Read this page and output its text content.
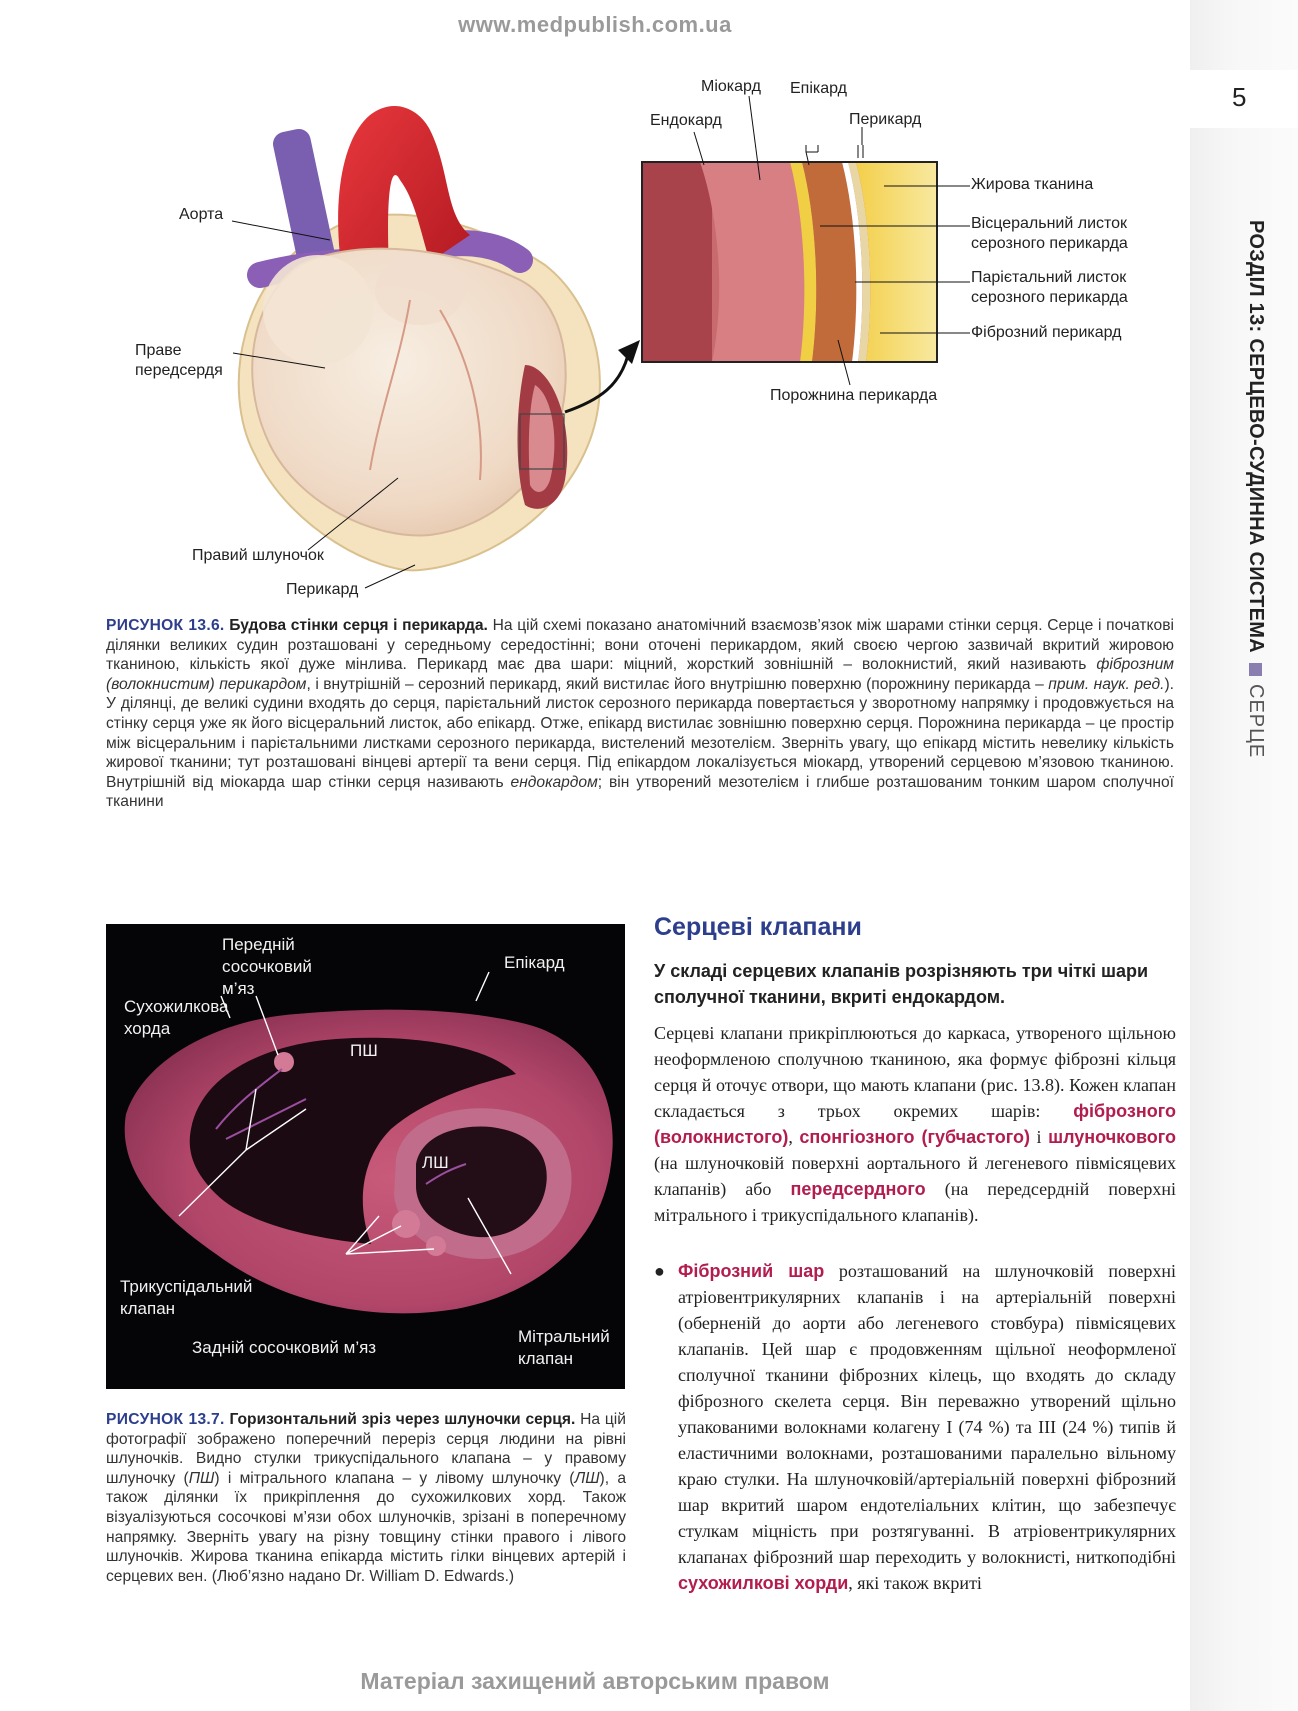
www.medpublish.com.ua
5
РОЗДІЛ 13: СЕРЦЕВО-СУДИННА СИСТЕМАСЕРЦЕ
Аорта
Праве
передсердя
Правий шлуночок
Перикард
Міокард Епікард
Ендокард	Перикард
Жирова тканина
Вісцеральний листок
серозного перикарда
Парієтальний листок
серозного перикарда
Фіброзний перикард
Порожнина перикарда
РИСУНОК 13.6. Будова стінки серця і перикарда. На цій схемі показано анатомічний взаємозв’язок між шарами стінки серця. Серце і початкові ділянки великих судин розташовані у середньому середостінні; вони оточені перикардом, який своєю чергою зазвичай вкритий жировою тканиною, кількість якої дуже мінлива. Перикард має два шари: міцний, жорсткий зовнішній – волокнистий, який називають фіброзним (волокнистим) перикардом, і внутрішній – серозний перикард, який вистилає його внутрішню поверхню (порожнину перикарда – прим. наук. ред.). У ділянці, де великі судини входять до серця, парієтальний листок серозного перикарда повертається у зворотному напрямку і продовжується на стінку серця уже як його вісцеральний листок, або епікард. Отже, епікард вистилає зовнішню поверхню серця. Порожнина перикарда – це простір між вісцеральним і парієтальними листками серозного перикарда, вистелений мезотелієм. Зверніть увагу, що епікард містить невелику кількість жирової тканини; тут розташовані вінцеві артерії та вени серця. Під епікардом локалізується міокард, утворений серцевою м’язовою тканиною. Внутрішній від міокарда шар стінки серця називають ендокардом; він утворений мезотелієм і глибше розташованим тонким шаром сполучної тканини
Передній
сосочковий
м’яз
Сухожилкова
хорда
Епікард
ПШ
ЛШ
Трикуспідальний
клапан
Задній сосочковий м’яз
Мітральний
клапан
РИСУНОК 13.7. Горизонтальний зріз через шлуночки серця. На цій фотографії зображено поперечний переріз серця людини на рівні шлуночків. Видно стулки трикуспідального клапана – у правому шлуночку (ПШ) і мітрального клапана – у лівому шлуночку (ЛШ), а також ділянки їх прикріплення до сухожилкових хорд. Також візуалізуються сосочкові м’язи обох шлуночків, зрізані в поперечному напрямку. Зверніть увагу на різну товщину стінки правого і лівого шлуночків. Жирова тканина епікарда містить гілки вінцевих артерій і серцевих вен. (Люб’язно надано Dr. William D. Edwards.)
Серцеві клапани
У складі серцевих клапанів розрізняють три чіткі шари сполучної тканини, вкриті ендокардом.
Серцеві клапани прикріплюються до каркаса, утвореного щільною неоформленою сполучною тканиною, яка формує фіброзні кільця серця й оточує отвори, що мають клапани (рис. 13.8). Кожен клапан складається з трьох окремих шарів: фіброзного (волокнистого), спонгіозного (губчастого) і шлуночкового (на шлуночковій поверхні аортального й легеневого півмісяцевих клапанів) або передсердного (на передсердній поверхні мітрального і трикуспідального клапанів).
● Фіброзний шар розташований на шлуночковій поверхні атріовентрикулярних клапанів і на артеріальній поверхні (оберненій до аорти або легеневого стовбура) півмісяцевих клапанів. Цей шар є продовженням щільної неоформленої сполучної тканини фіброзних кілець, що входять до складу фіброзного скелета серця. Він переважно утворений щільно упакованими волокнами колагену I (74 %) та III (24 %) типів й еластичними волокнами, розташованими паралельно вільному краю стулки. На шлуночковій/артеріальній поверхні фіброзний шар вкритий шаром ендотеліальних клітин, що забезпечує стулкам міцність при розтягуванні. В атріовентрикулярних клапанах фіброзний шар переходить у волокнисті, ниткоподібні сухожилкові хорди, які також вкриті
Матеріал захищений авторським правом
